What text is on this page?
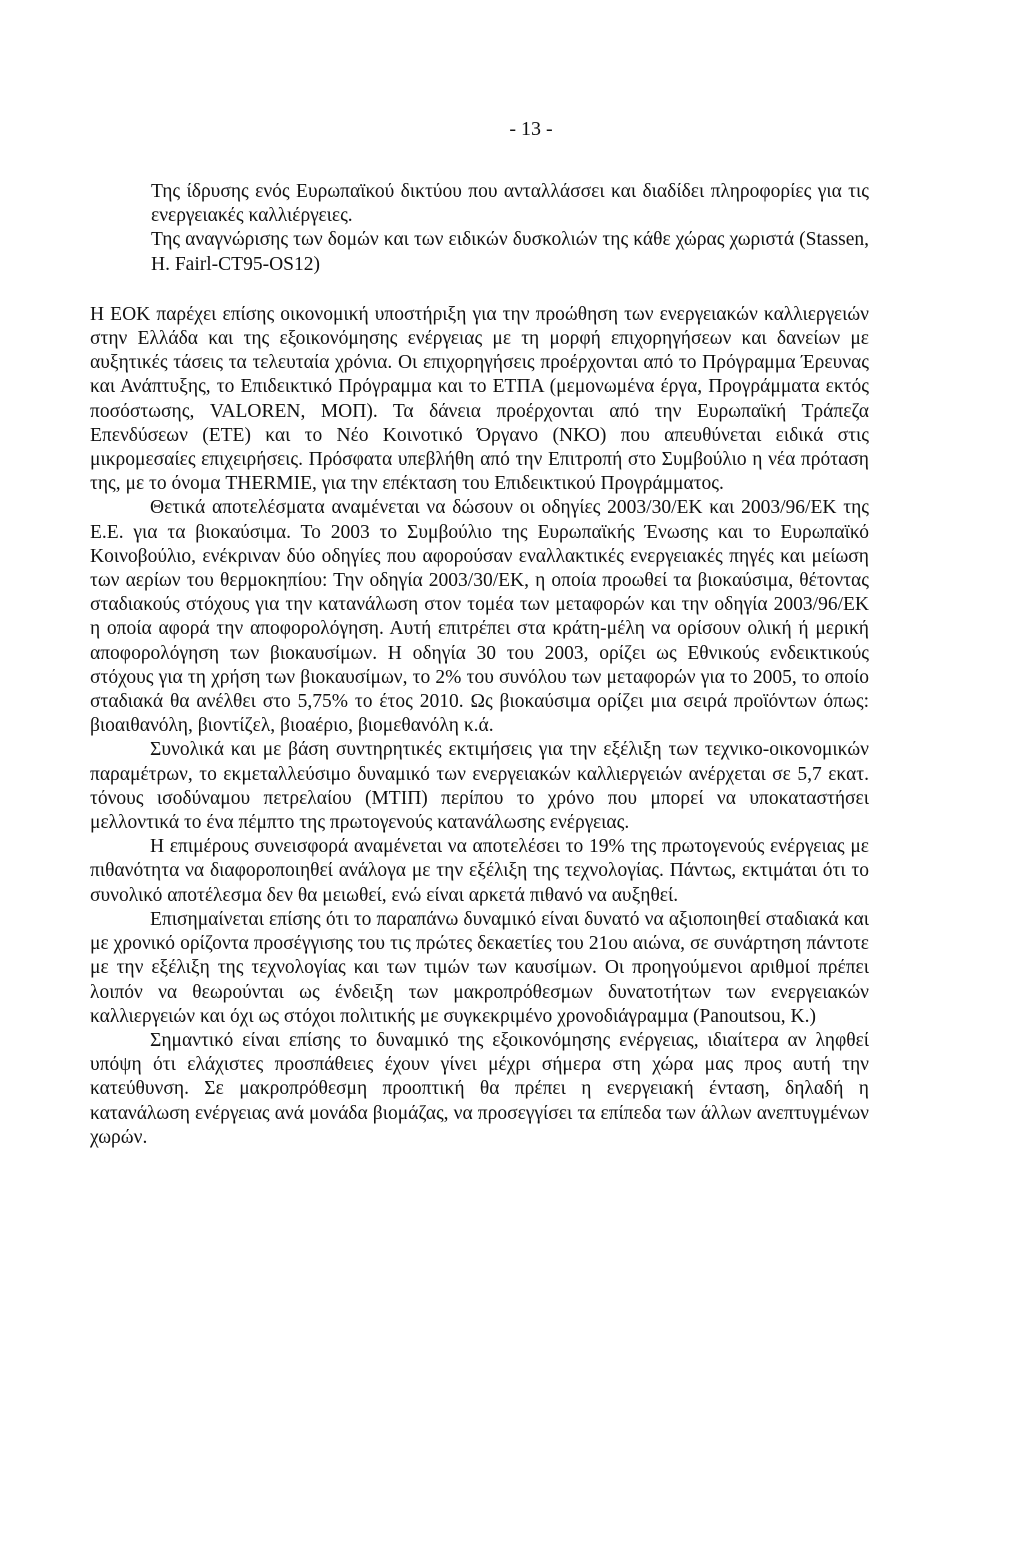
- 13 -
Της ίδρυσης ενός Ευρωπαϊκού δικτύου που ανταλλάσσει και διαδίδει πληροφορίες για τις ενεργειακές καλλιέργειες.
Της αναγνώρισης των δομών και των ειδικών δυσκολιών της κάθε χώρας χωριστά (Stassen, H. Fairl-CT95-OS12)

Η ΕΟΚ παρέχει επίσης οικονομική υποστήριξη για την προώθηση των ενεργειακών καλλιεργειών στην Ελλάδα και της εξοικονόμησης ενέργειας με τη μορφή επιχορηγήσεων και δανείων με αυξητικές τάσεις τα τελευταία χρόνια. Οι επιχορηγήσεις προέρχονται από το Πρόγραμμα Έρευνας και Ανάπτυξης, το Επιδεικτικό Πρόγραμμα και το ΕΤΠΑ (μεμονωμένα έργα, Προγράμματα εκτός ποσόστωσης, VALOREN, ΜΟΠ). Τα δάνεια προέρχονται από την Ευρωπαϊκή Τράπεζα Επενδύσεων (ΕΤΕ) και το Νέο Κοινοτικό Όργανο (ΝΚΟ) που απευθύνεται ειδικά στις μικρομεσαίες επιχειρήσεις. Πρόσφατα υπεβλήθη από την Επιτροπή στο Συμβούλιο η νέα πρόταση της, με το όνομα THERMIE, για την επέκταση του Επιδεικτικού Προγράμματος.

Θετικά αποτελέσματα αναμένεται να δώσουν οι οδηγίες 2003/30/ΕΚ και 2003/96/ΕΚ της Ε.Ε. για τα βιοκαύσιμα. Το 2003 το Συμβούλιο της Ευρωπαϊκής Ένωσης και το Ευρωπαϊκό Κοινοβούλιο, ενέκριναν δύο οδηγίες που αφορούσαν εναλλακτικές ενεργειακές πηγές και μείωση των αερίων του θερμοκηπίου: Την οδηγία 2003/30/ΕΚ, η οποία προωθεί τα βιοκαύσιμα, θέτοντας σταδιακούς στόχους για την κατανάλωση στον τομέα των μεταφορών και την οδηγία 2003/96/ΕΚ η οποία αφορά την αποφορολόγηση. Αυτή επιτρέπει στα κράτη-μέλη να ορίσουν ολική ή μερική αποφορολόγηση των βιοκαυσίμων. Η οδηγία 30 του 2003, ορίζει ως Εθνικούς ενδεικτικούς στόχους για τη χρήση των βιοκαυσίμων, το 2% του συνόλου των μεταφορών για το 2005, το οποίο σταδιακά θα ανέλθει στο 5,75% το έτος 2010. Ως βιοκαύσιμα ορίζει μια σειρά προϊόντων όπως: βιοαιθανόλη, βιοντίζελ, βιοαέριο, βιομεθανόλη κ.ά.

Συνολικά και με βάση συντηρητικές εκτιμήσεις για την εξέλιξη των τεχνικο-οικονομικών παραμέτρων, το εκμεταλλεύσιμο δυναμικό των ενεργειακών καλλιεργειών ανέρχεται σε 5,7 εκατ. τόνους ισοδύναμου πετρελαίου (ΜΤΙΠ) περίπου το χρόνο που μπορεί να υποκαταστήσει μελλοντικά το ένα πέμπτο της πρωτογενούς κατανάλωσης ενέργειας.

Η επιμέρους συνεισφορά αναμένεται να αποτελέσει το 19% της πρωτογενούς ενέργειας με πιθανότητα να διαφοροποιηθεί ανάλογα με την εξέλιξη της τεχνολογίας. Πάντως, εκτιμάται ότι το συνολικό αποτέλεσμα δεν θα μειωθεί, ενώ είναι αρκετά πιθανό να αυξηθεί.

Επισημαίνεται επίσης ότι το παραπάνω δυναμικό είναι δυνατό να αξιοποιηθεί σταδιακά και με χρονικό ορίζοντα προσέγγισης του τις πρώτες δεκαετίες του 21ου αιώνα, σε συνάρτηση πάντοτε με την εξέλιξη της τεχνολογίας και των τιμών των καυσίμων. Οι προηγούμενοι αριθμοί πρέπει λοιπόν να θεωρούνται ως ένδειξη των μακροπρόθεσμων δυνατοτήτων των ενεργειακών καλλιεργειών και όχι ως στόχοι πολιτικής με συγκεκριμένο χρονοδιάγραμμα (Panoutsou, K.)

Σημαντικό είναι επίσης το δυναμικό της εξοικονόμησης ενέργειας, ιδιαίτερα αν ληφθεί υπόψη ότι ελάχιστες προσπάθειες έχουν γίνει μέχρι σήμερα στη χώρα μας προς αυτή την κατεύθυνση. Σε μακροπρόθεσμη προοπτική θα πρέπει η ενεργειακή ένταση, δηλαδή η κατανάλωση ενέργειας ανά μονάδα βιομάζας, να προσεγγίσει τα επίπεδα των άλλων ανεπτυγμένων χωρών.
